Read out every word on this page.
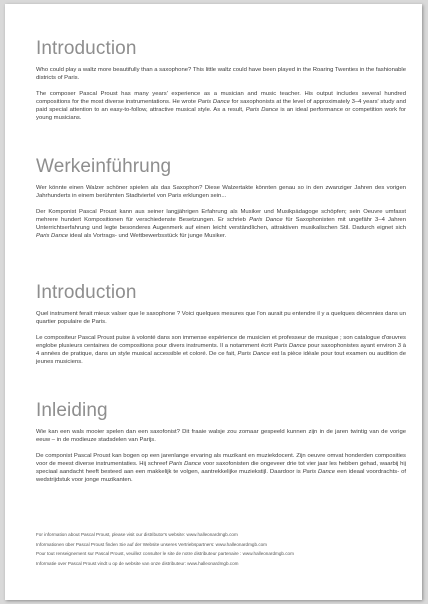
Introduction

Who could play a waltz more beautifully than a saxophone? This little waltz could have been played in the Roaring Twenties in the fashionable districts of Paris.

The composer Pascal Proust has many years' experience as a musician and music teacher. His output includes several hundred compositions for the most diverse instrumentations. He wrote Paris Dance for saxophonists at the level of approximately 3–4 years' study and paid special attention to an easy-to-follow, attractive musical style. As a result, Paris Dance is an ideal performance or competition work for young musicians.

Werkeinführung

Wer könnte einen Walzer schöner spielen als das Saxophon? Diese Walzertakte könnten genau so in den zwanziger Jahren des vorigen Jahrhunderts in einem berühmten Stadtviertel von Paris erklungen sein...

Der Komponist Pascal Proust kann aus seiner langjährigen Erfahrung als Musiker und Musikpädagoge schöpfen; sein Oeuvre umfasst mehrere hundert Kompositionen für verschiedenste Besetzungen. Er schrieb Paris Dance für Saxophonisten mit ungefähr 3–4 Jahren Unterrichtserfahrung und legte besonderes Augenmerk auf einen leicht verständlichen, attraktiven musikalischen Stil. Dadurch eignet sich Paris Dance ideal als Vortrags- und Wettbewerbsstück für junge Musiker.

Introduction

Quel instrument ferait mieux valser que le saxophone ? Voici quelques mesures que l'on aurait pu entendre il y a quelques décennies dans un quartier populaire de Paris.

Le compositeur Pascal Proust puise à volonté dans son immense expérience de musicien et professeur de musique ; son catalogue d'œuvres englobe plusieurs centaines de compositions pour divers instruments. Il a notamment écrit Paris Dance pour saxophonistes ayant environ 3 à 4 années de pratique, dans un style musical accessible et coloré. De ce fait, Paris Dance est la pièce idéale pour tout examen ou audition de jeunes musiciens.

Inleiding

Wie kan een wals mooier spelen dan een saxofonist? Dit fraaie walsje zou zomaar gespeeld kunnen zijn in de jaren twintig van de vorige eeuw – in de modieuze stadsdelen van Parijs.

De componist Pascal Proust kan bogen op een jarenlange ervaring als muzikant en muziekdocent. Zijn oeuvre omvat honderden composities voor de meest diverse instrumentaties. Hij schreef Paris Dance voor saxofonisten die ongeveer drie tot vier jaar les hebben gehad, waarbij hij speciaal aandacht heeft besteed aan een makkelijk te volgen, aantrekkelijke muziekstijl. Daardoor is Paris Dance een ideaal voordrachts- of wedstrijdstuk voor jonge muzikanten.

For information about Pascal Proust, please visit our distributor's website: www.halleonardmgb.com

Informationen über Pascal Proust finden Sie auf der Website unseres Vertriebspartners: www.halleonardmgb.com

Pour tout renseignement sur Pascal Proust, veuillez consulter le site de notre distributeur partenaire : www.halleonardmgb.com

Informatie over Pascal Proust vindt u op de website van onze distributeur: www.halleonardmgb.com
